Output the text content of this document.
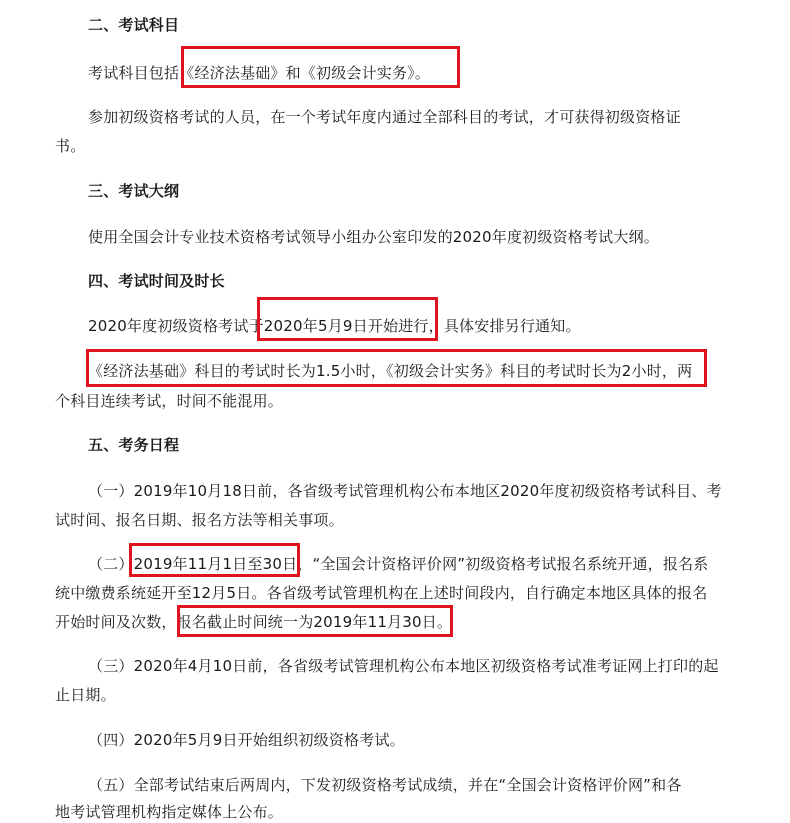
二、考试科目
考试科目包括《经济法基础》和《初级会计实务》。
参加初级资格考试的人员，在一个考试年度内通过全部科目的考试，才可获得初级资格证
书。
三、考试大纲
使用全国会计专业技术资格考试领导小组办公室印发的2020年度初级资格考试大纲。
四、考试时间及时长
2020年度初级资格考试于2020年5月9日开始进行，具体安排另行通知。
《经济法基础》科目的考试时长为1.5小时，《初级会计实务》科目的考试时长为2小时，两
个科目连续考试，时间不能混用。
五、考务日程
（一）2019年10月18日前，各省级考试管理机构公布本地区2020年度初级资格考试科目、考
试时间、报名日期、报名方法等相关事项。
（二）2019年11月1日至30日，“全国会计资格评价网”初级资格考试报名系统开通，报名系
统中缴费系统延开至12月5日。各省级考试管理机构在上述时间段内，自行确定本地区具体的报名
开始时间及次数，报名截止时间统一为2019年11月30日。
（三）2020年4月10日前，各省级考试管理机构公布本地区初级资格考试准考证网上打印的起
止日期。
（四）2020年5月9日开始组织初级资格考试。
（五）全部考试结束后两周内，下发初级资格考试成绩，并在“全国会计资格评价网”和各
地考试管理机构指定媒体上公布。
